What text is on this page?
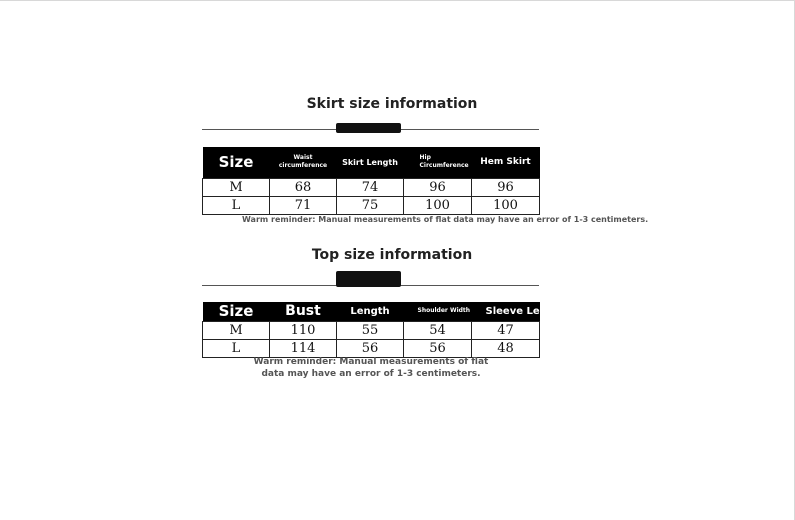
Skirt size information
Size	Waist circumference	Skirt Length	Hip Circumference	Hem Skirt
M	68	74	96	96
L	71	75	100	100
Warm reminder: Manual measurements of flat data may have an error of 1-3 centimeters.
Top size information
Size	Bust	Length	Shoulder Width	Sleeve Len
M	110	55	54	47
L	114	56	56	48
Warm reminder: Manual measurements of flat
data may have an error of 1-3 centimeters.
